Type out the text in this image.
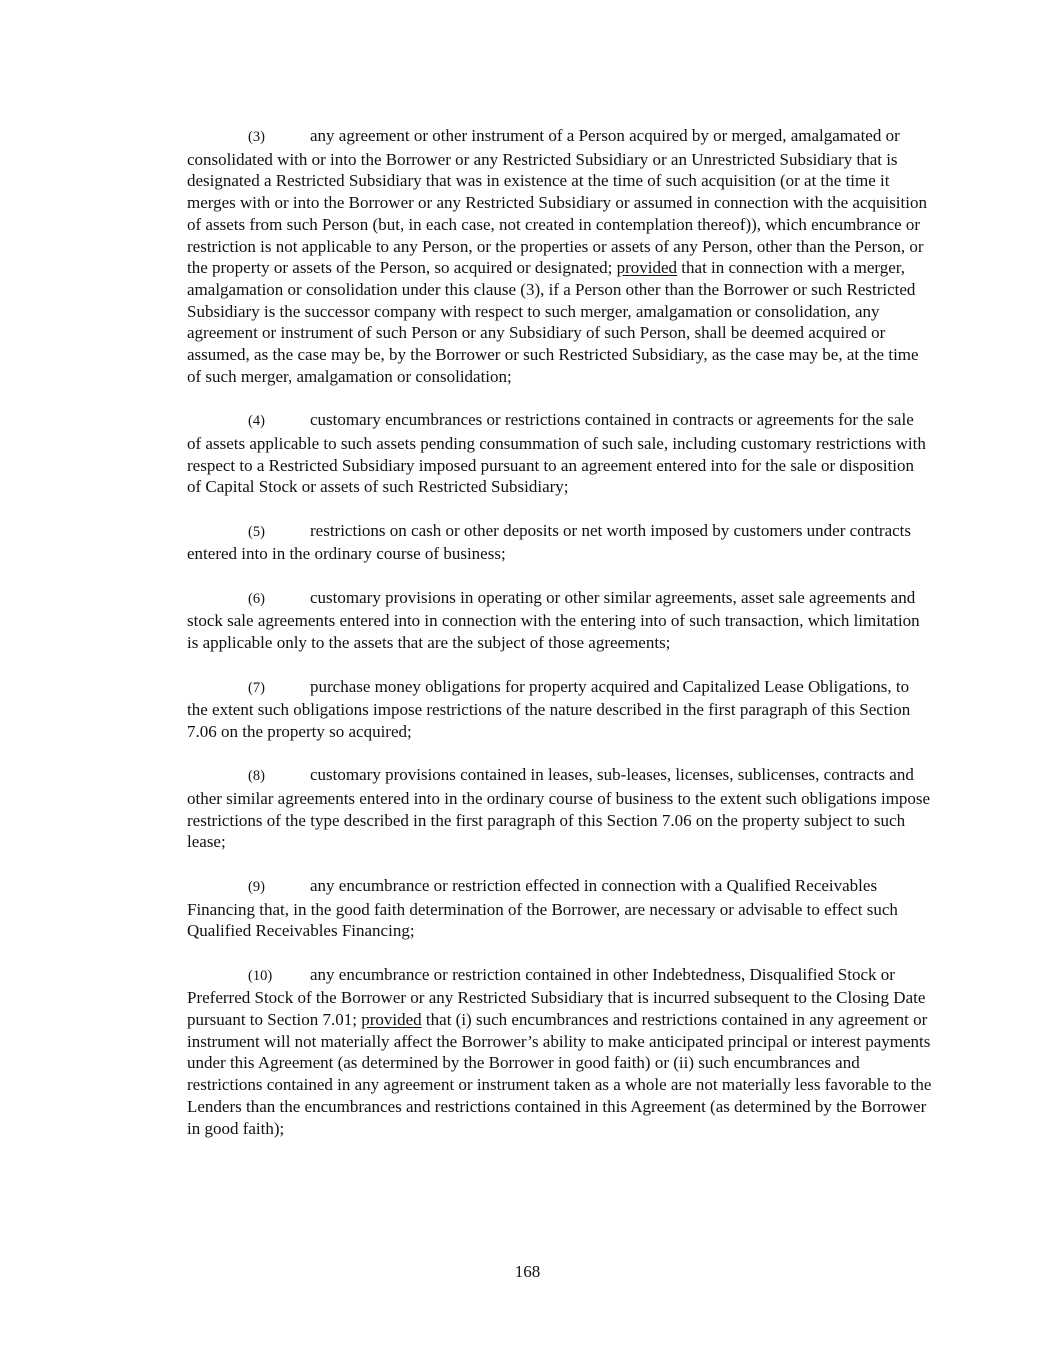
(3)	any agreement or other instrument of a Person acquired by or merged, amalgamated or consolidated with or into the Borrower or any Restricted Subsidiary or an Unrestricted Subsidiary that is designated a Restricted Subsidiary that was in existence at the time of such acquisition (or at the time it merges with or into the Borrower or any Restricted Subsidiary or assumed in connection with the acquisition of assets from such Person (but, in each case, not created in contemplation thereof)), which encumbrance or restriction is not applicable to any Person, or the properties or assets of any Person, other than the Person, or the property or assets of the Person, so acquired or designated; provided that in connection with a merger, amalgamation or consolidation under this clause (3), if a Person other than the Borrower or such Restricted Subsidiary is the successor company with respect to such merger, amalgamation or consolidation, any agreement or instrument of such Person or any Subsidiary of such Person, shall be deemed acquired or assumed, as the case may be, by the Borrower or such Restricted Subsidiary, as the case may be, at the time of such merger, amalgamation or consolidation;

(4)	customary encumbrances or restrictions contained in contracts or agreements for the sale of assets applicable to such assets pending consummation of such sale, including customary restrictions with respect to a Restricted Subsidiary imposed pursuant to an agreement entered into for the sale or disposition of Capital Stock or assets of such Restricted Subsidiary;

(5)	restrictions on cash or other deposits or net worth imposed by customers under contracts entered into in the ordinary course of business;

(6)	customary provisions in operating or other similar agreements, asset sale agreements and stock sale agreements entered into in connection with the entering into of such transaction, which limitation is applicable only to the assets that are the subject of those agreements;

(7)	purchase money obligations for property acquired and Capitalized Lease Obligations, to the extent such obligations impose restrictions of the nature described in the first paragraph of this Section 7.06 on the property so acquired;

(8)	customary provisions contained in leases, sub-leases, licenses, sublicenses, contracts and other similar agreements entered into in the ordinary course of business to the extent such obligations impose restrictions of the type described in the first paragraph of this Section 7.06 on the property subject to such lease;

(9)	any encumbrance or restriction effected in connection with a Qualified Receivables Financing that, in the good faith determination of the Borrower, are necessary or advisable to effect such Qualified Receivables Financing;

(10) any encumbrance or restriction contained in other Indebtedness, Disqualified Stock or Preferred Stock of the Borrower or any Restricted Subsidiary that is incurred subsequent to the Closing Date pursuant to Section 7.01; provided that (i) such encumbrances and restrictions contained in any agreement or instrument will not materially affect the Borrower’s ability to make anticipated principal or interest payments under this Agreement (as determined by the Borrower in good faith) or (ii) such encumbrances and restrictions contained in any agreement or instrument taken as a whole are not materially less favorable to the Lenders than the encumbrances and restrictions contained in this Agreement (as determined by the Borrower in good faith);

168
